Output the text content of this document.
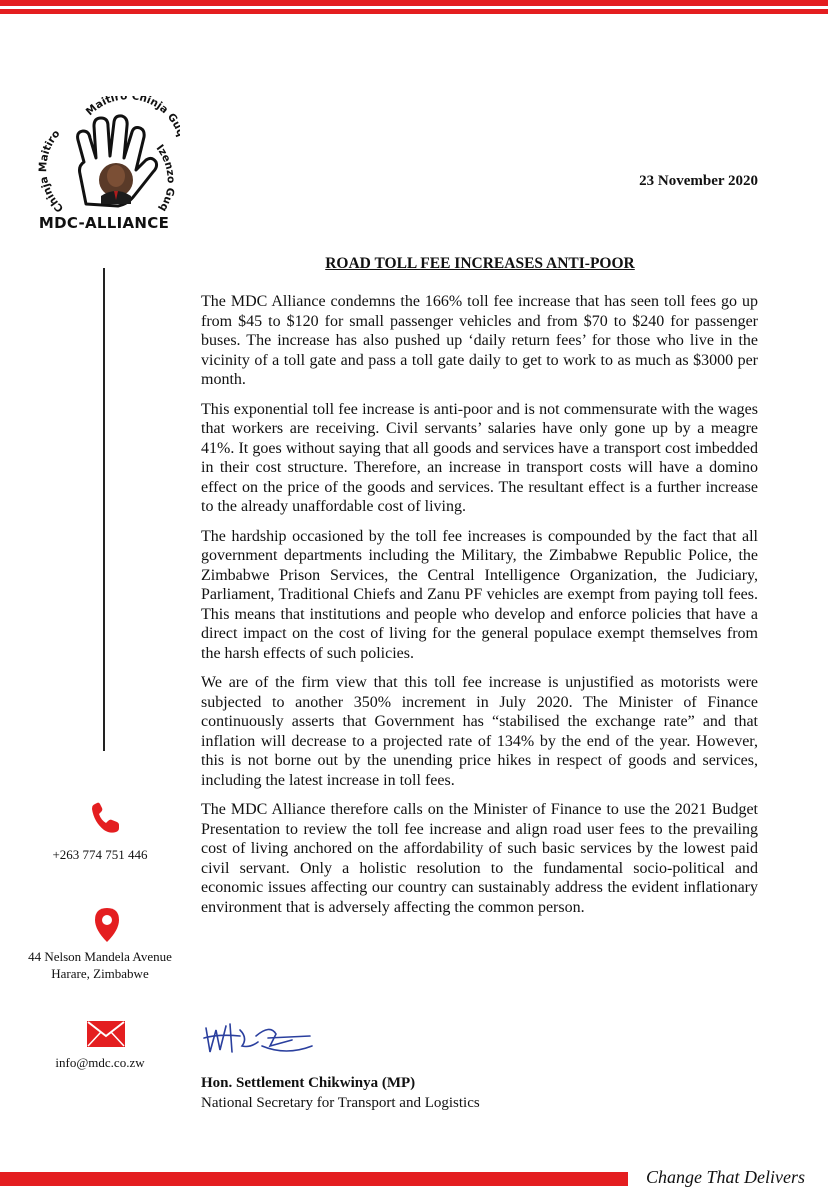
Chinja Maitiro
Maitiro Chinja G
Izenzo Guq
MDC-ALLIANCE
23 November 2020
ROAD TOLL FEE INCREASES ANTI-POOR

The MDC Alliance condemns the 166% toll fee increase that has seen toll fees go up from $45 to $120 for small passenger vehicles and from $70 to $240 for passenger buses. The increase has also pushed up ‘daily return fees’ for those who live in the vicinity of a toll gate and pass a toll gate daily to get to work to as much as $3000 per month.

This exponential toll fee increase is anti-poor and is not commensurate with the wages that workers are receiving. Civil servants’ salaries have only gone up by a meagre 41%. It goes without saying that all goods and services have a transport cost imbedded in their cost structure. Therefore, an increase in transport costs will have a domino effect on the price of the goods and services. The resultant effect is a further increase to the already unaffordable cost of living.

The hardship occasioned by the toll fee increases is compounded by the fact that all government departments including the Military, the Zimbabwe Republic Police, the Zimbabwe Prison Services, the Central Intelligence Organization, the Judiciary, Parliament, Traditional Chiefs and Zanu PF vehicles are exempt from paying toll fees. This means that institutions and people who develop and enforce policies that have a direct impact on the cost of living for the general populace exempt themselves from the harsh effects of such policies.

We are of the firm view that this toll fee increase is unjustified as motorists were subjected to another 350% increment in July 2020. The Minister of Finance continuously asserts that Government has “stabilised the exchange rate” and that inflation will decrease to a projected rate of 134% by the end of the year. However, this is not borne out by the unending price hikes in respect of goods and services, including the latest increase in toll fees.

The MDC Alliance therefore calls on the Minister of Finance to use the 2021 Budget Presentation to review the toll fee increase and align road user fees to the prevailing cost of living anchored on the affordability of such basic services by the lowest paid civil servant. Only a holistic resolution to the fundamental socio-political and economic issues affecting our country can sustainably address the evident inflationary environment that is adversely affecting the common person.

+263 774 751 446
44 Nelson Mandela Avenue
Harare, Zimbabwe
info@mdc.co.zw
Hon. Settlement Chikwinya (MP)
National Secretary for Transport and Logistics
Change That Delivers
